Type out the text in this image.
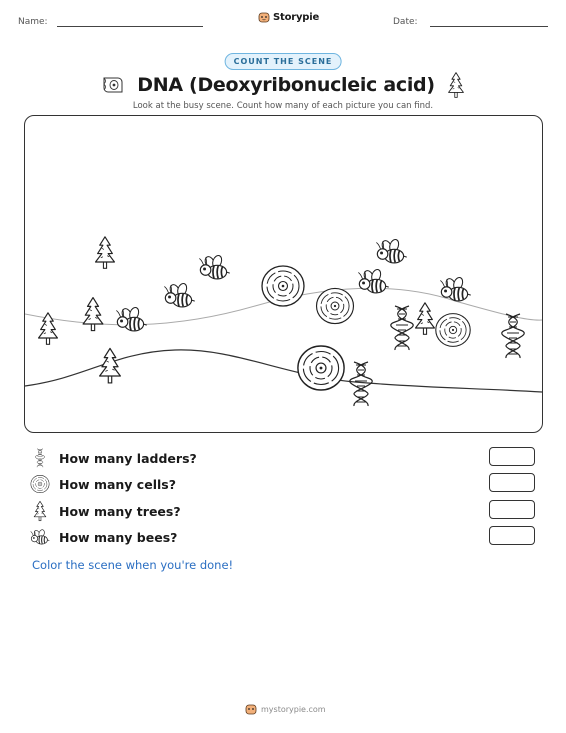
Name:	Date:
Storypie
COUNT THE SCENE
DNA (Deoxyribonucleic acid)
Look at the busy scene. Count how many of each picture you can find.
How many ladders?
How many cells?
How many trees?
How many bees?
Color the scene when you're done!
mystorypie.com
